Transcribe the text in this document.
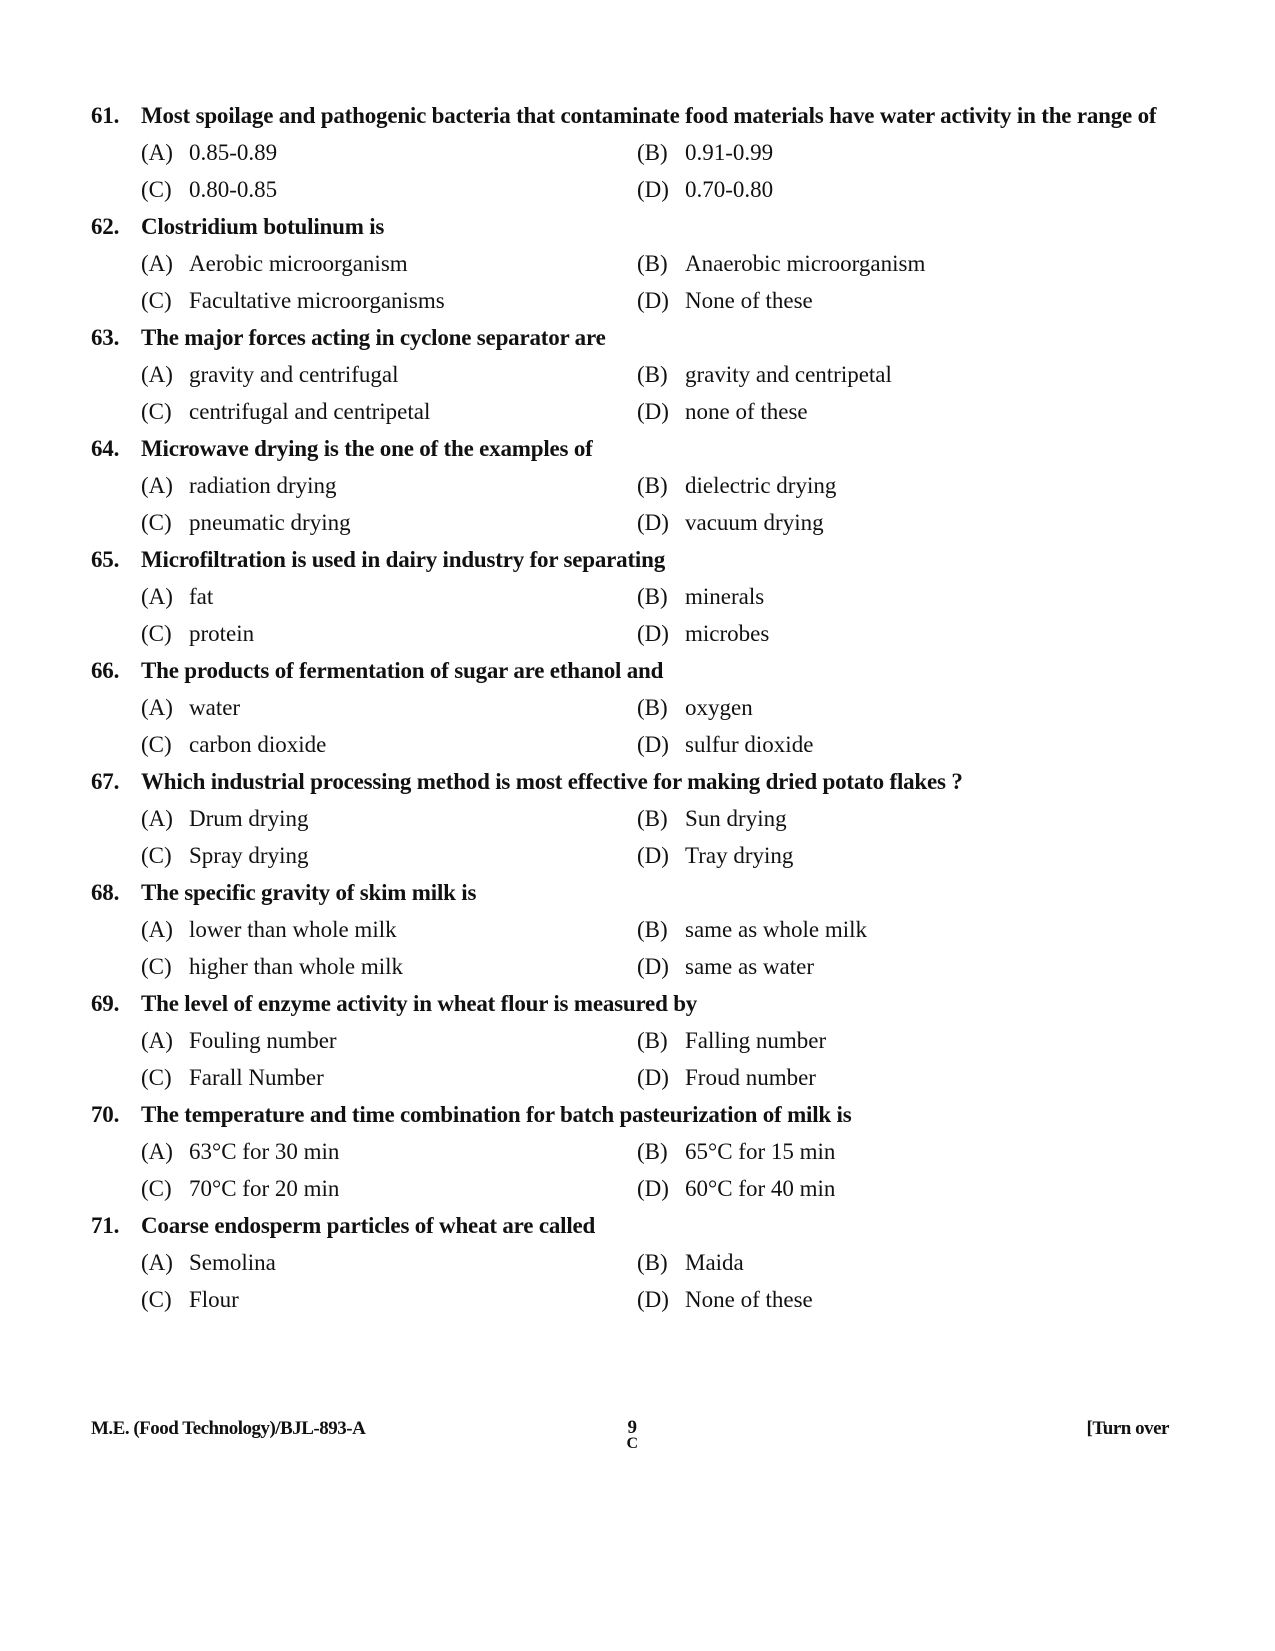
61. Most spoilage and pathogenic bacteria that contaminate food materials have water activity in the range of
(A) 0.85-0.89	(B) 0.91-0.99
(C) 0.80-0.85	(D) 0.70-0.80
62. Clostridium botulinum is
(A) Aerobic microorganism	(B) Anaerobic microorganism
(C) Facultative microorganisms	(D) None of these
63. The major forces acting in cyclone separator are
(A) gravity and centrifugal	(B) gravity and centripetal
(C) centrifugal and centripetal	(D) none of these
64. Microwave drying is the one of the examples of
(A) radiation drying	(B) dielectric drying
(C) pneumatic drying	(D) vacuum drying
65. Microfiltration is used in dairy industry for separating
(A) fat	(B) minerals
(C) protein	(D) microbes
66. The products of fermentation of sugar are ethanol and
(A) water	(B) oxygen
(C) carbon dioxide	(D) sulfur dioxide
67. Which industrial processing method is most effective for making dried potato flakes ?
(A) Drum drying	(B) Sun drying
(C) Spray drying	(D) Tray drying
68. The specific gravity of skim milk is
(A) lower than whole milk	(B) same as whole milk
(C) higher than whole milk	(D) same as water
69. The level of enzyme activity in wheat flour is measured by
(A) Fouling number	(B) Falling number
(C) Farall Number	(D) Froud number
70. The temperature and time combination for batch pasteurization of milk is
(A) 63°C for 30 min	(B) 65°C for 15 min
(C) 70°C for 20 min	(D) 60°C for 40 min
71. Coarse endosperm particles of wheat are called
(A) Semolina	(B) Maida
(C) Flour	(D) None of these
M.E. (Food Technology)/BJL-893-A	9
C
[Turn over
